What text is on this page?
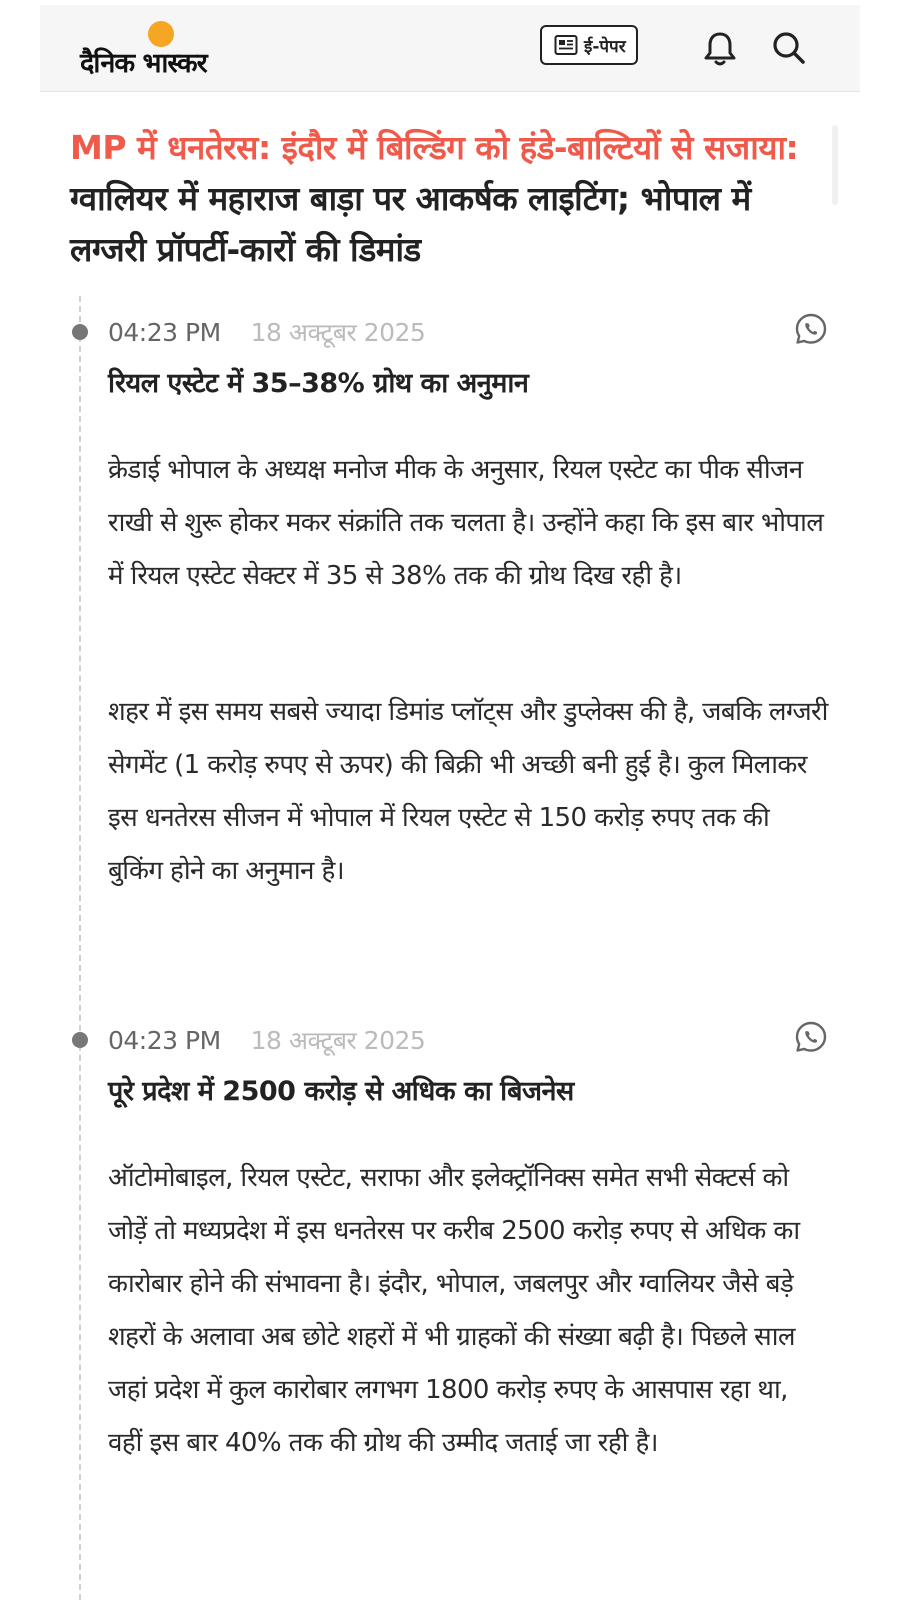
दैनिक भास्कर
ई-पेपर
MP में धनतेरस: इंदौर में बिल्डिंग को हंडे-बाल्टियों से सजाया: ग्वालियर में महाराज बाड़ा पर आकर्षक लाइटिंग; भोपाल में लग्जरी प्रॉपर्टी-कारों की डिमांड
04:23 PM 18 अक्टूबर 2025
रियल एस्टेट में 35–38% ग्रोथ का अनुमान

क्रेडाई भोपाल के अध्यक्ष मनोज मीक के अनुसार, रियल एस्टेट का पीक सीजन राखी से शुरू होकर मकर संक्रांति तक चलता है। उन्होंने कहा कि इस बार भोपाल में रियल एस्टेट सेक्टर में 35 से 38% तक की ग्रोथ दिख रही है।

शहर में इस समय सबसे ज्यादा डिमांड प्लॉट्स और डुप्लेक्स की है, जबकि लग्जरी सेगमेंट (1 करोड़ रुपए से ऊपर) की बिक्री भी अच्छी बनी हुई है। कुल मिलाकर इस धनतेरस सीजन में भोपाल में रियल एस्टेट से 150 करोड़ रुपए तक की बुकिंग होने का अनुमान है।

04:23 PM 18 अक्टूबर 2025
पूरे प्रदेश में 2500 करोड़ से अधिक का बिजनेस

ऑटोमोबाइल, रियल एस्टेट, सराफा और इलेक्ट्रॉनिक्स समेत सभी सेक्टर्स को जोड़ें तो मध्यप्रदेश में इस धनतेरस पर करीब 2500 करोड़ रुपए से अधिक का कारोबार होने की संभावना है। इंदौर, भोपाल, जबलपुर और ग्वालियर जैसे बड़े शहरों के अलावा अब छोटे शहरों में भी ग्राहकों की संख्या बढ़ी है। पिछले साल जहां प्रदेश में कुल कारोबार लगभग 1800 करोड़ रुपए के आसपास रहा था, वहीं इस बार 40% तक की ग्रोथ की उम्मीद जताई जा रही है।
